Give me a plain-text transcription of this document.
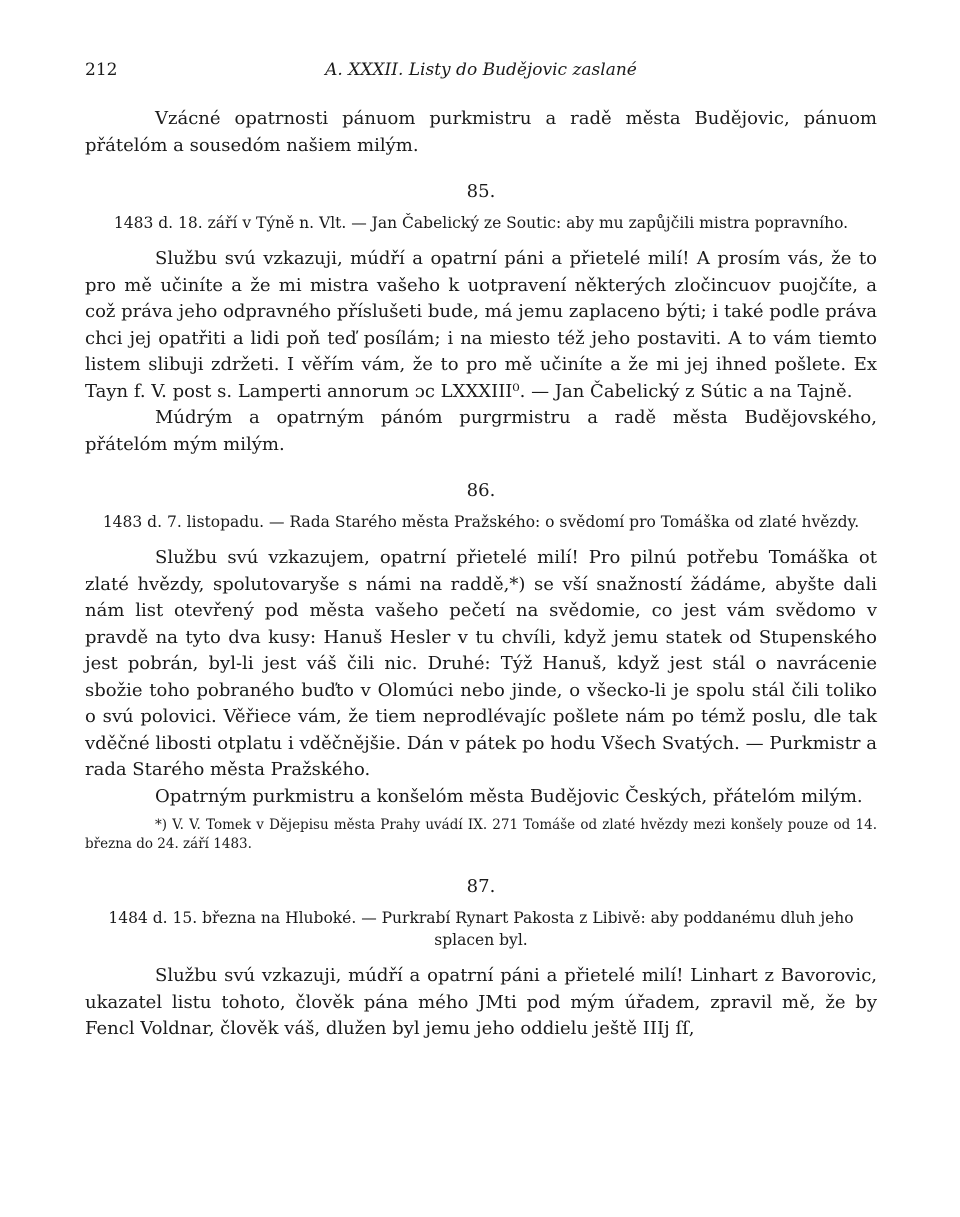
212	A. XXXII. Listy do Budějovic zaslané

Vzácné opatrnosti pánuom purkmistru a radě města Budějovic, pánuom přátelóm a sousedóm našiem milým.

85.
1483 d. 18. září v Týně n. Vlt. — Jan Čabelický ze Soutic: aby mu zapůjčili mistra popravního.

Službu svú vzkazuji, múdří a opatrní páni a přietelé milí! A prosím vás, že to pro mě učiníte a že mi mistra vašeho k uotpravení některých zločincuov puojčíte, a což práva jeho odpravného příslušeti bude, má jemu zaplaceno býti; i také podle práva chci jej opatřiti a lidi poň teď posílám; i na miesto též jeho postaviti. A to vám tiemto listem slibuji zdržeti. I věřím vám, že to pro mě učiníte a že mi jej ihned pošlete. Ex Tayn f. V. post s. Lamperti annorum ɔc LXXXIII⁰. — Jan Čabelický z Sútic a na Tajně.

Múdrým a opatrným pánóm purgrmistru a radě města Budějovského, přátelóm mým milým.

86.
1483 d. 7. listopadu. — Rada Starého města Pražského: o svědomí pro Tomáška od zlaté hvězdy.

Službu svú vzkazujem, opatrní přietelé milí! Pro pilnú potřebu Tomáška ot zlaté hvězdy, spolutovaryše s námi na raddě,*) se vší snažností žádáme, abyšte dali nám list otevřený pod města vašeho pečetí na svědomie, co jest vám svědomo v pravdě na tyto dva kusy: Hanuš Hesler v tu chvíli, když jemu statek od Stupenského jest pobrán, byl-li jest váš čili nic. Druhé: Týž Hanuš, když jest stál o navrácenie sbožie toho pobraného buďto v Olomúci nebo jinde, o všecko-li je spolu stál čili toliko o svú polovici. Věřiece vám, že tiem neprodlévajíc pošlete nám po témž poslu, dle tak vděčné libosti otplatu i vděčnějšie. Dán v pátek po hodu Všech Svatých. — Purkmistr a rada Starého města Pražského.

Opatrným purkmistru a konšelóm města Budějovic Českých, přátelóm milým.

*) V. V. Tomek v Dějepisu města Prahy uvádí IX. 271 Tomáše od zlaté hvězdy mezi konšely pouze od 14. března do 24. září 1483.
87.
1484 d. 15. března na Hluboké. — Purkrabí Rynart Pakosta z Libivě: aby poddanému dluh jeho splacen byl.

Službu svú vzkazuji, múdří a opatrní páni a přietelé milí! Linhart z Bavorovic, ukazatel listu tohoto, člověk pána mého JMti pod mým úřadem, zpravil mě, že by Fencl Voldnar, člověk váš, dlužen byl jemu jeho oddielu ještě IIIj ſſ,
